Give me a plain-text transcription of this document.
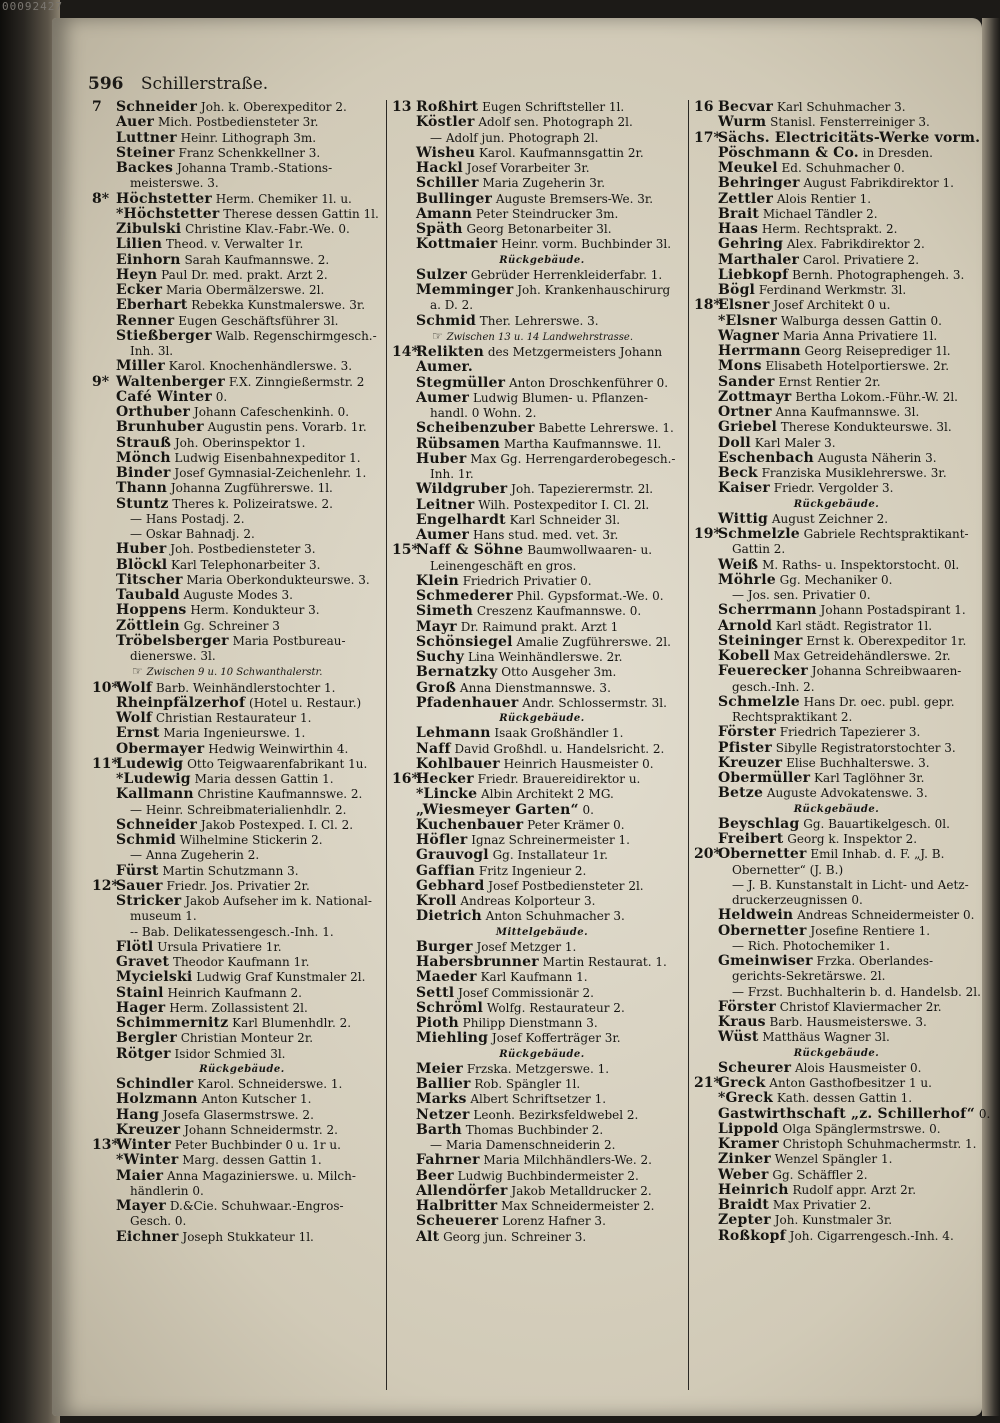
00092427
596 Schillerstraße.
7 Schneider Joh. k. Oberexpeditor 2.
Auer Mich. Postbediensteter 3r.
Luttner Heinr. Lithograph 3m.
Steiner Franz Schenkkellner 3.
Backes Johanna Tramb.-Stations-
meisterswe. 3.
8* Höchstetter Herm. Chemiker 1l. u.
*Höchstetter Therese dessen Gattin 1l.
Zibulski Christine Klav.-Fabr.-We. 0.
Lilien Theod. v. Verwalter 1r.
Einhorn Sarah Kaufmannswe. 2.
Heyn Paul Dr. med. prakt. Arzt 2.
Ecker Maria Obermälzerswe. 2l.
Eberhart Rebekka Kunstmalerswe. 3r.
Renner Eugen Geschäftsführer 3l.
Stießberger Walb. Regenschirmgesch.-
Inh. 3l.
Miller Karol. Knochenhändlerswe. 3.
9* Waltenberger F.X. Zinngießermstr. 2
Café Winter 0.
Orthuber Johann Cafeschenkinh. 0.
Brunhuber Augustin pens. Vorarb. 1r.
Strauß Joh. Oberinspektor 1.
Mönch Ludwig Eisenbahnexpeditor 1.
Binder Josef Gymnasial-Zeichenlehr. 1.
Thann Johanna Zugführerswe. 1l.
Stuntz Theres k. Polizeiratswe. 2.
— Hans Postadj. 2.
— Oskar Bahnadj. 2.
Huber Joh. Postbediensteter 3.
Blöckl Karl Telephonarbeiter 3.
Titscher Maria Oberkondukteurswe. 3.
Taubald Auguste Modes 3.
Hoppens Herm. Kondukteur 3.
Zöttlein Gg. Schreiner 3
Tröbelsberger Maria Postbureau-
dienerswe. 3l.
☞ Zwischen 9 u. 10 Schwanthalerstr.
10*Wolf Barb. Weinhändlerstochter 1.
Rheinpfälzerhof (Hotel u. Restaur.)
Wolf Christian Restaurateur 1.
Ernst Maria Ingenieurswe. 1.
Obermayer Hedwig Weinwirthin 4.
11*Ludewig Otto Teigwaarenfabrikant 1u.
*Ludewig Maria dessen Gattin 1.
Kallmann Christine Kaufmannswe. 2.
— Heinr. Schreibmaterialienhdlr. 2.
Schneider Jakob Postexped. I. Cl. 2.
Schmid Wilhelmine Stickerin 2.
— Anna Zugeherin 2.
Fürst Martin Schutzmann 3.
12*Sauer Friedr. Jos. Privatier 2r.
Stricker Jakob Aufseher im k. National-
museum 1.
-- Bab. Delikatessengesch.-Inh. 1.
Flötl Ursula Privatiere 1r.
Gravet Theodor Kaufmann 1r.
Mycielski Ludwig Graf Kunstmaler 2l.
Stainl Heinrich Kaufmann 2.
Hager Herm. Zollassistent 2l.
Schimmernitz Karl Blumenhdlr. 2.
Bergler Christian Monteur 2r.
Rötger Isidor Schmied 3l.
Rückgebäude.
Schindler Karol. Schneiderswe. 1.
Holzmann Anton Kutscher 1.
Hang Josefa Glasermstrswe. 2.
Kreuzer Johann Schneidermstr. 2.
13*Winter Peter Buchbinder 0 u. 1r u.
*Winter Marg. dessen Gattin 1.
Maier Anna Magazinierswe. u. Milch-
händlerin 0.
Mayer D.&Cie. Schuhwaar.-Engros-
Gesch. 0.
Eichner Joseph Stukkateur 1l.
13 Roßhirt Eugen Schriftsteller 1l.
Köstler Adolf sen. Photograph 2l.
— Adolf jun. Photograph 2l.
Wisheu Karol. Kaufmannsgattin 2r.
Hackl Josef Vorarbeiter 3r.
Schiller Maria Zugeherin 3r.
Bullinger Auguste Bremsers-We. 3r.
Amann Peter Steindrucker 3m.
Späth Georg Betonarbeiter 3l.
Kottmaier Heinr. vorm. Buchbinder 3l.
Rückgebäude.
Sulzer Gebrüder Herrenkleiderfabr. 1.
Memminger Joh. Krankenhauschirurg
a. D. 2.
Schmid Ther. Lehrerswe. 3.
☞ Zwischen 13 u. 14 Landwehrstrasse.
14*Relikten des Metzgermeisters Johann
Aumer.
Stegmüller Anton Droschkenführer 0.
Aumer Ludwig Blumen- u. Pflanzen-
handl. 0 Wohn. 2.
Scheibenzuber Babette Lehrerswe. 1.
Rübsamen Martha Kaufmannswe. 1l.
Huber Max Gg. Herrengarderobegesch.-
Inh. 1r.
Wildgruber Joh. Tapezierermstr. 2l.
Leitner Wilh. Postexpeditor I. Cl. 2l.
Engelhardt Karl Schneider 3l.
Aumer Hans stud. med. vet. 3r.
15*Naff & Söhne Baumwollwaaren- u.
Leinengeschäft en gros.
Klein Friedrich Privatier 0.
Schmederer Phil. Gypsformat.-We. 0.
Simeth Creszenz Kaufmannswe. 0.
Mayr Dr. Raimund prakt. Arzt 1
Schönsiegel Amalie Zugführerswe. 2l.
Suchy Lina Weinhändlerswe. 2r.
Bernatzky Otto Ausgeher 3m.
Groß Anna Dienstmannswe. 3.
Pfadenhauer Andr. Schlossermstr. 3l.
Rückgebäude.
Lehmann Isaak Großhändler 1.
Naff David Großhdl. u. Handelsricht. 2.
Kohlbauer Heinrich Hausmeister 0.
16*Hecker Friedr. Brauereidirektor u.
*Lincke Albin Architekt 2 MG.
„Wiesmeyer Garten“ 0.
Kuchenbauer Peter Krämer 0.
Höfler Ignaz Schreinermeister 1.
Grauvogl Gg. Installateur 1r.
Gaffian Fritz Ingenieur 2.
Gebhard Josef Postbediensteter 2l.
Kroll Andreas Kolporteur 3.
Dietrich Anton Schuhmacher 3.
Mittelgebäude.
Burger Josef Metzger 1.
Habersbrunner Martin Restaurat. 1.
Maeder Karl Kaufmann 1.
Settl Josef Commissionär 2.
Schröml Wolfg. Restaurateur 2.
Pioth Philipp Dienstmann 3.
Miehling Josef Kofferträger 3r.
Rückgebäude.
Meier Frzska. Metzgerswe. 1.
Ballier Rob. Spängler 1l.
Marks Albert Schriftsetzer 1.
Netzer Leonh. Bezirksfeldwebel 2.
Barth Thomas Buchbinder 2.
— Maria Damenschneiderin 2.
Fahrner Maria Milchhändlers-We. 2.
Beer Ludwig Buchbindermeister 2.
Allendörfer Jakob Metalldrucker 2.
Halbritter Max Schneidermeister 2.
Scheuerer Lorenz Hafner 3.
Alt Georg jun. Schreiner 3.
16 Becvar Karl Schuhmacher 3.
Wurm Stanisl. Fensterreiniger 3.
17*Sächs. Electricitäts-Werke vorm.
Pöschmann & Co. in Dresden.
Meukel Ed. Schuhmacher 0.
Behringer August Fabrikdirektor 1.
Zettler Alois Rentier 1.
Brait Michael Tändler 2.
Haas Herm. Rechtsprakt. 2.
Gehring Alex. Fabrikdirektor 2.
Marthaler Carol. Privatiere 2.
Liebkopf Bernh. Photographengeh. 3.
Bögl Ferdinand Werkmstr. 3l.
18*Elsner Josef Architekt 0 u.
*Elsner Walburga dessen Gattin 0.
Wagner Maria Anna Privatiere 1l.
Herrmann Georg Reiseprediger 1l.
Mons Elisabeth Hotelportierswe. 2r.
Sander Ernst Rentier 2r.
Zottmayr Bertha Lokom.-Führ.-W. 2l.
Ortner Anna Kaufmannswe. 3l.
Griebel Therese Kondukteurswe. 3l.
Doll Karl Maler 3.
Eschenbach Augusta Näherin 3.
Beck Franziska Musiklehrerswe. 3r.
Kaiser Friedr. Vergolder 3.
Rückgebäude.
Wittig August Zeichner 2.
19*Schmelzle Gabriele Rechtspraktikant-
Gattin 2.
Weiß M. Raths- u. Inspektorstocht. 0l.
Möhrle Gg. Mechaniker 0.
— Jos. sen. Privatier 0.
Scherrmann Johann Postadspirant 1.
Arnold Karl städt. Registrator 1l.
Steininger Ernst k. Oberexpeditor 1r.
Kobell Max Getreidehändlerswe. 2r.
Feuerecker Johanna Schreibwaaren-
gesch.-Inh. 2.
Schmelzle Hans Dr. oec. publ. gepr.
Rechtspraktikant 2.
Förster Friedrich Tapezierer 3.
Pfister Sibylle Registratorstochter 3.
Kreuzer Elise Buchhalterswe. 3.
Obermüller Karl Taglöhner 3r.
Betze Auguste Advokatenswe. 3.
Rückgebäude.
Beyschlag Gg. Bauartikelgesch. 0l.
Freibert Georg k. Inspektor 2.
20*Obernetter Emil Inhab. d. F. „J. B.
Obernetter“ (J. B.)
— J. B. Kunstanstalt in Licht- und Aetz-
druckerzeugnissen 0.
Heldwein Andreas Schneidermeister 0.
Obernetter Josefine Rentiere 1.
— Rich. Photochemiker 1.
Gmeinwiser Frzka. Oberlandes-
gerichts-Sekretärswe. 2l.
— Frzst. Buchhalterin b. d. Handelsb. 2l.
Förster Christof Klaviermacher 2r.
Kraus Barb. Hausmeisterswe. 3.
Wüst Matthäus Wagner 3l.
Rückgebäude.
Scheurer Alois Hausmeister 0.
21*Greck Anton Gasthofbesitzer 1 u.
*Greck Kath. dessen Gattin 1.
Gastwirthschaft „z. Schillerhof“ 0.
Lippold Olga Spänglermstrswe. 0.
Kramer Christoph Schuhmachermstr. 1.
Zinker Wenzel Spängler 1.
Weber Gg. Schäffler 2.
Heinrich Rudolf appr. Arzt 2r.
Braidt Max Privatier 2.
Zepter Joh. Kunstmaler 3r.
Roßkopf Joh. Cigarrengesch.-Inh. 4.
